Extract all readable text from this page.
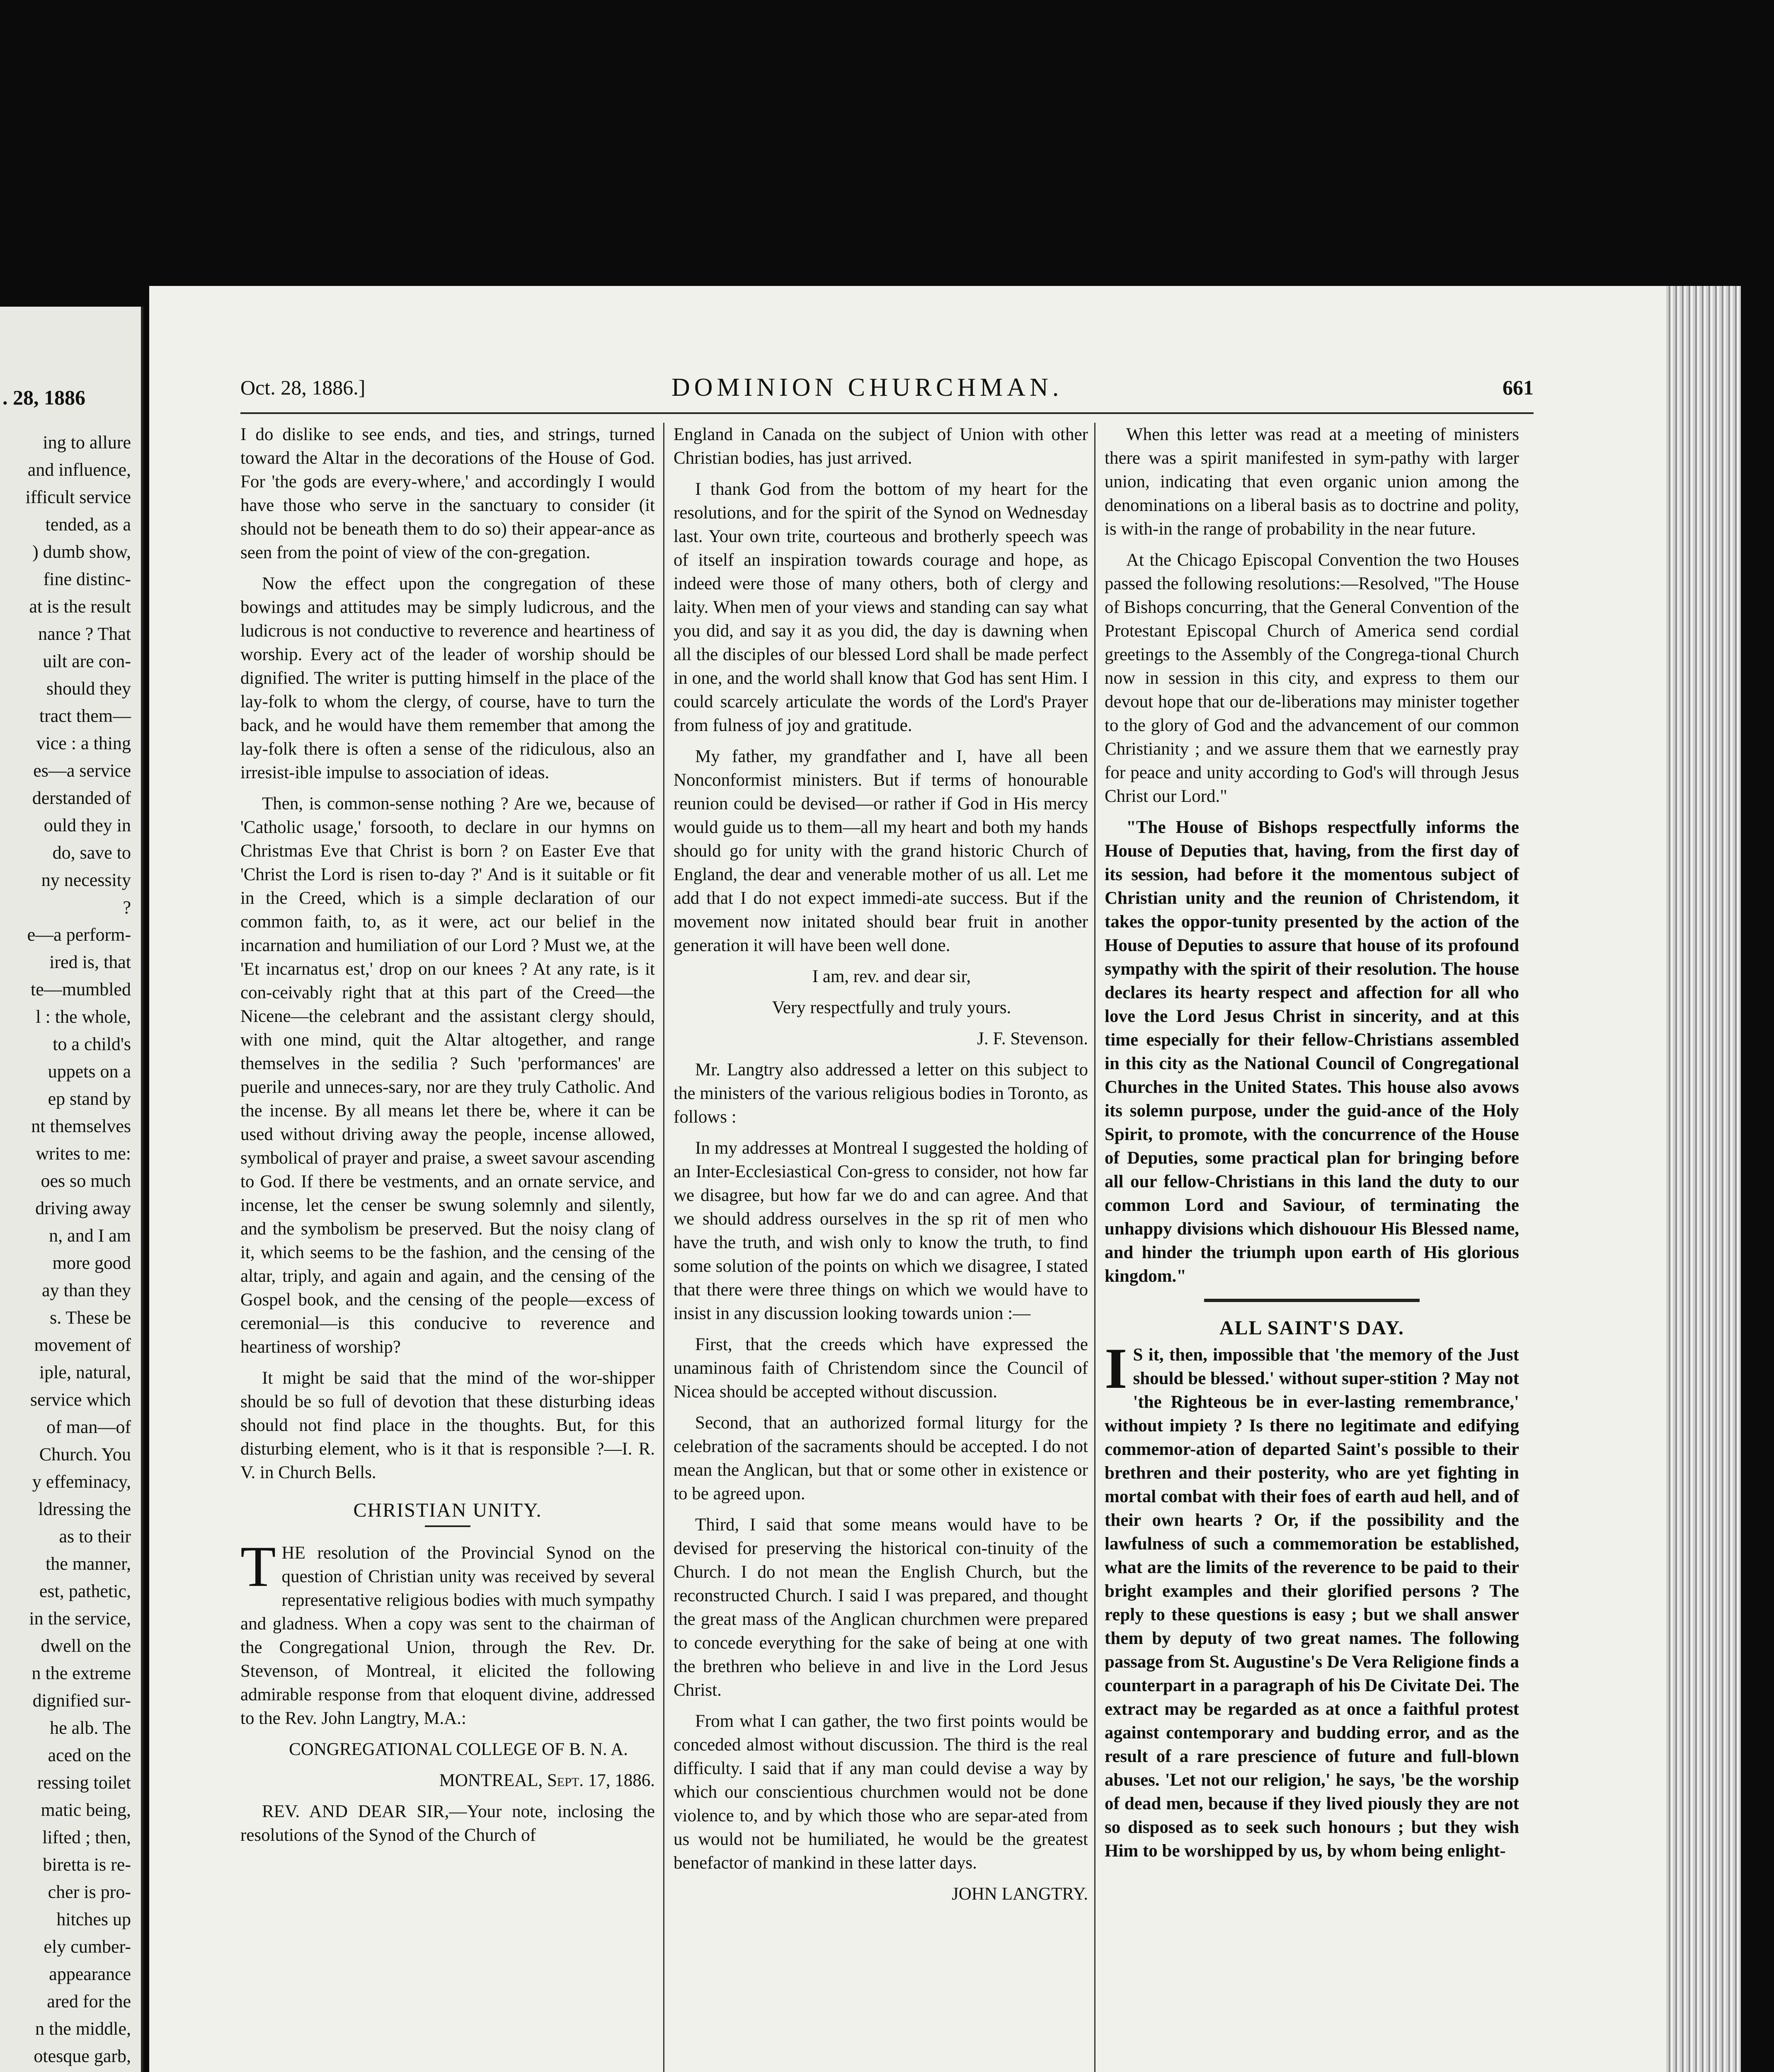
. 28, 1886
ing to allure
and influence,
ifficult service
tended, as a
) dumb show,
fine distinc-
at is the result
nance ? That
uilt are con-
should they
tract them—
vice : a thing
es—a service
derstanded of
ould they in
do, save to
ny necessity
?
e—a perform-
ired is, that
te—mumbled
l : the whole,
to a child's
uppets on a
ep stand by
nt themselves
writes to me:
oes so much
driving away
n, and I am
more good
ay than they
s. These be
movement of
iple, natural,
service which
of man—of
Church. You
y effeminacy,
ldressing the
as to their
the manner,
est, pathetic,
in the service,
dwell on the
n the extreme
dignified sur-
he alb. The
aced on the
ressing toilet
matic being,
lifted ; then,
biretta is re-
cher is pro-
hitches up
ely cumber-
appearance
ared for the
n the middle,
otesque garb,
Oct. 28, 1886.]	DOMINION CHURCHMAN.	661

I do dislike to see ends, and ties, and strings, turned toward the Altar in the decorations of the House of God. For 'the gods are every-where,' and accordingly I would have those who serve in the sanctuary to consider (it should not be beneath them to do so) their appear-ance as seen from the point of view of the con-gregation.

Now the effect upon the congregation of these bowings and attitudes may be simply ludicrous, and the ludicrous is not conductive to reverence and heartiness of worship. Every act of the leader of worship should be dignified. The writer is putting himself in the place of the lay-folk to whom the clergy, of course, have to turn the back, and he would have them remember that among the lay-folk there is often a sense of the ridiculous, also an irresist-ible impulse to association of ideas.

Then, is common-sense nothing ? Are we, because of 'Catholic usage,' forsooth, to declare in our hymns on Christmas Eve that Christ is born ? on Easter Eve that 'Christ the Lord is risen to-day ?' And is it suitable or fit in the Creed, which is a simple declaration of our common faith, to, as it were, act our belief in the incarnation and humiliation of our Lord ? Must we, at the 'Et incarnatus est,' drop on our knees ? At any rate, is it con-ceivably right that at this part of the Creed—the Nicene—the celebrant and the assistant clergy should, with one mind, quit the Altar altogether, and range themselves in the sedilia ? Such 'performances' are puerile and unneces-sary, nor are they truly Catholic. And the incense. By all means let there be, where it can be used without driving away the people, incense allowed, symbolical of prayer and praise, a sweet savour ascending to God. If there be vestments, and an ornate service, and incense, let the censer be swung solemnly and silently, and the symbolism be preserved. But the noisy clang of it, which seems to be the fashion, and the censing of the altar, triply, and again and again, and the censing of the Gospel book, and the censing of the people—excess of ceremonial—is this conducive to reverence and heartiness of worship?

It might be said that the mind of the wor-shipper should be so full of devotion that these disturbing ideas should not find place in the thoughts. But, for this disturbing element, who is it that is responsible ?—I. R. V. in Church Bells.

CHRISTIAN UNITY.

THE resolution of the Provincial Synod on the question of Christian unity was received by several representative religious bodies with much sympathy and gladness. When a copy was sent to the chairman of the Congregational Union, through the Rev. Dr. Stevenson, of Montreal, it elicited the following admirable response from that eloquent divine, addressed to the Rev. John Langtry, M.A.:

CONGREGATIONAL COLLEGE OF B. N. A.

MONTREAL, Sept. 17, 1886.

REV. AND DEAR SIR,—Your note, inclosing the resolutions of the Synod of the Church of

England in Canada on the subject of Union with other Christian bodies, has just arrived.

I thank God from the bottom of my heart for the resolutions, and for the spirit of the Synod on Wednesday last. Your own trite, courteous and brotherly speech was of itself an inspiration towards courage and hope, as indeed were those of many others, both of clergy and laity. When men of your views and standing can say what you did, and say it as you did, the day is dawning when all the disciples of our blessed Lord shall be made perfect in one, and the world shall know that God has sent Him. I could scarcely articulate the words of the Lord's Prayer from fulness of joy and gratitude.

My father, my grandfather and I, have all been Nonconformist ministers. But if terms of honourable reunion could be devised—or rather if God in His mercy would guide us to them—all my heart and both my hands should go for unity with the grand historic Church of England, the dear and venerable mother of us all. Let me add that I do not expect immedi-ate success. But if the movement now initated should bear fruit in another generation it will have been well done.

I am, rev. and dear sir,

Very respectfully and truly yours.

J. F. Stevenson.

Mr. Langtry also addressed a letter on this subject to the ministers of the various religious bodies in Toronto, as follows :

In my addresses at Montreal I suggested the holding of an Inter-Ecclesiastical Con-gress to consider, not how far we disagree, but how far we do and can agree. And that we should address ourselves in the sp rit of men who have the truth, and wish only to know the truth, to find some solution of the points on which we disagree, I stated that there were three things on which we would have to insist in any discussion looking towards union :—

First, that the creeds which have expressed the unaminous faith of Christendom since the Council of Nicea should be accepted without discussion.

Second, that an authorized formal liturgy for the celebration of the sacraments should be accepted. I do not mean the Anglican, but that or some other in existence or to be agreed upon.

Third, I said that some means would have to be devised for preserving the historical con-tinuity of the Church. I do not mean the English Church, but the reconstructed Church. I said I was prepared, and thought the great mass of the Anglican churchmen were prepared to concede everything for the sake of being at one with the brethren who believe in and live in the Lord Jesus Christ.

From what I can gather, the two first points would be conceded almost without discussion. The third is the real difficulty. I said that if any man could devise a way by which our conscientious churchmen would not be done violence to, and by which those who are separ-ated from us would not be humiliated, he would be the greatest benefactor of mankind in these latter days.

JOHN LANGTRY.

When this letter was read at a meeting of ministers there was a spirit manifested in sym-pathy with larger union, indicating that even organic union among the denominations on a liberal basis as to doctrine and polity, is with-in the range of probability in the near future.

At the Chicago Episcopal Convention the two Houses passed the following resolutions:—Resolved, "The House of Bishops concurring, that the General Convention of the Protestant Episcopal Church of America send cordial greetings to the Assembly of the Congrega-tional Church now in session in this city, and express to them our devout hope that our de-liberations may minister together to the glory of God and the advancement of our common Christianity ; and we assure them that we earnestly pray for peace and unity according to God's will through Jesus Christ our Lord."

"The House of Bishops respectfully informs the House of Deputies that, having, from the first day of its session, had before it the momentous subject of Christian unity and the reunion of Christendom, it takes the oppor-tunity presented by the action of the House of Deputies to assure that house of its profound sympathy with the spirit of their resolution. The house declares its hearty respect and affection for all who love the Lord Jesus Christ in sincerity, and at this time especially for their fellow-Christians assembled in this city as the National Council of Congregational Churches in the United States. This house also avows its solemn purpose, under the guid-ance of the Holy Spirit, to promote, with the concurrence of the House of Deputies, some practical plan for bringing before all our fellow-Christians in this land the duty to our common Lord and Saviour, of terminating the unhappy divisions which dishouour His Blessed name, and hinder the triumph upon earth of His glorious kingdom."

ALL SAINT'S DAY.

I S it, then, impossible that 'the memory of the Just should be blessed.' without super-stition ? May not 'the Righteous be in ever-lasting remembrance,' without impiety ? Is there no legitimate and edifying commemor-ation of departed Saint's possible to their brethren and their posterity, who are yet fighting in mortal combat with their foes of earth aud hell, and of their own hearts ? Or, if the possibility and the lawfulness of such a commemoration be established, what are the limits of the reverence to be paid to their bright examples and their glorified persons ? The reply to these questions is easy ; but we shall answer them by deputy of two great names. The following passage from St. Augustine's De Vera Religione finds a counterpart in a paragraph of his De Civitate Dei. The extract may be regarded as at once a faithful protest against contemporary and budding error, and as the result of a rare prescience of future and full-blown abuses. 'Let not our religion,' he says, 'be the worship of dead men, because if they lived piously they are not so disposed as to seek such honours ; but they wish Him to be worshipped by us, by whom being enlight-
